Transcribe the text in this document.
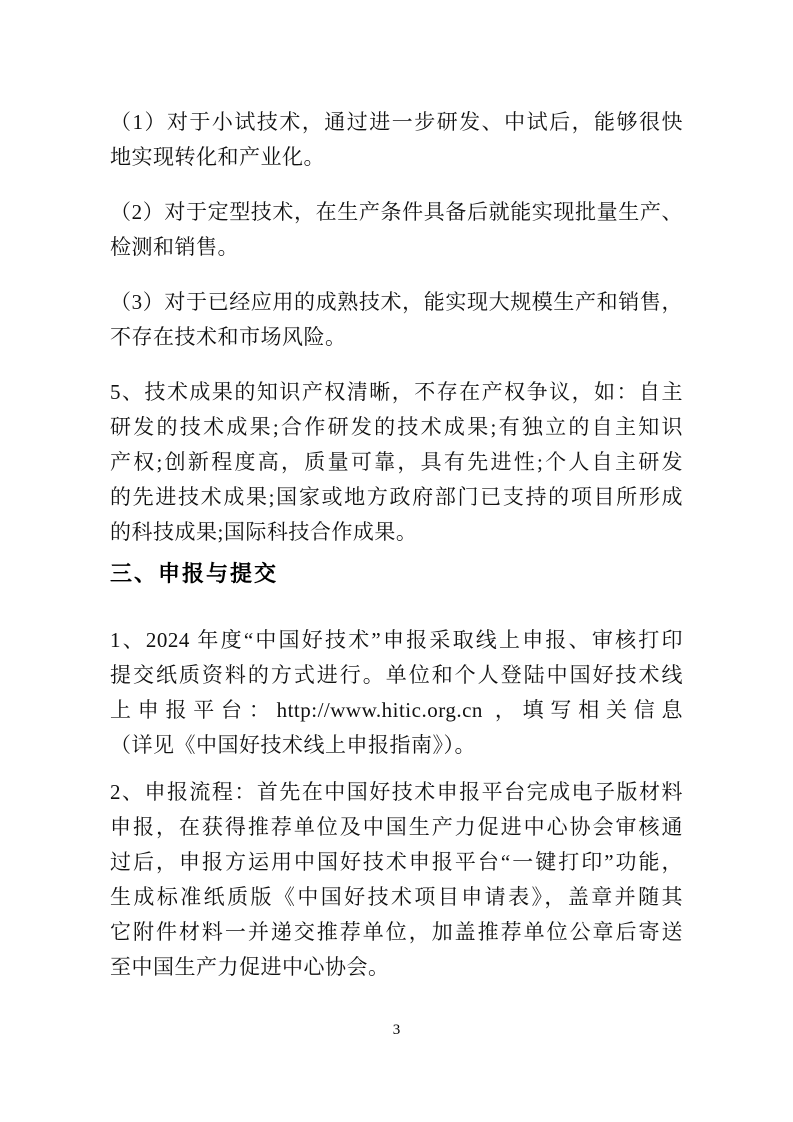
（1）对于小试技术，通过进一步研发、中试后，能够很快
地实现转化和产业化。
（2）对于定型技术，在生产条件具备后就能实现批量生产、
检测和销售。
（3）对于已经应用的成熟技术，能实现大规模生产和销售，
不存在技术和市场风险。
5、技术成果的知识产权清晰，不存在产权争议，如：自主
研发的技术成果;合作研发的技术成果;有独立的自主知识
产权;创新程度高，质量可靠，具有先进性;个人自主研发
的先进技术成果;国家或地方政府部门已支持的项目所形成
的科技成果;国际科技合作成果。
三、申报与提交
1、2024 年度“中国好技术”申报采取线上申报、审核打印
提交纸质资料的方式进行。单位和个人登陆中国好技术线
上申报平台：http://www.hitic.org.cn ，填写相关信息
（详见《中国好技术线上申报指南》）。
2、申报流程：首先在中国好技术申报平台完成电子版材料
申报，在获得推荐单位及中国生产力促进中心协会审核通
过后，申报方运用中国好技术申报平台“一键打印”功能，
生成标准纸质版《中国好技术项目申请表》，盖章并随其
它附件材料一并递交推荐单位，加盖推荐单位公章后寄送
至中国生产力促进中心协会。
3
